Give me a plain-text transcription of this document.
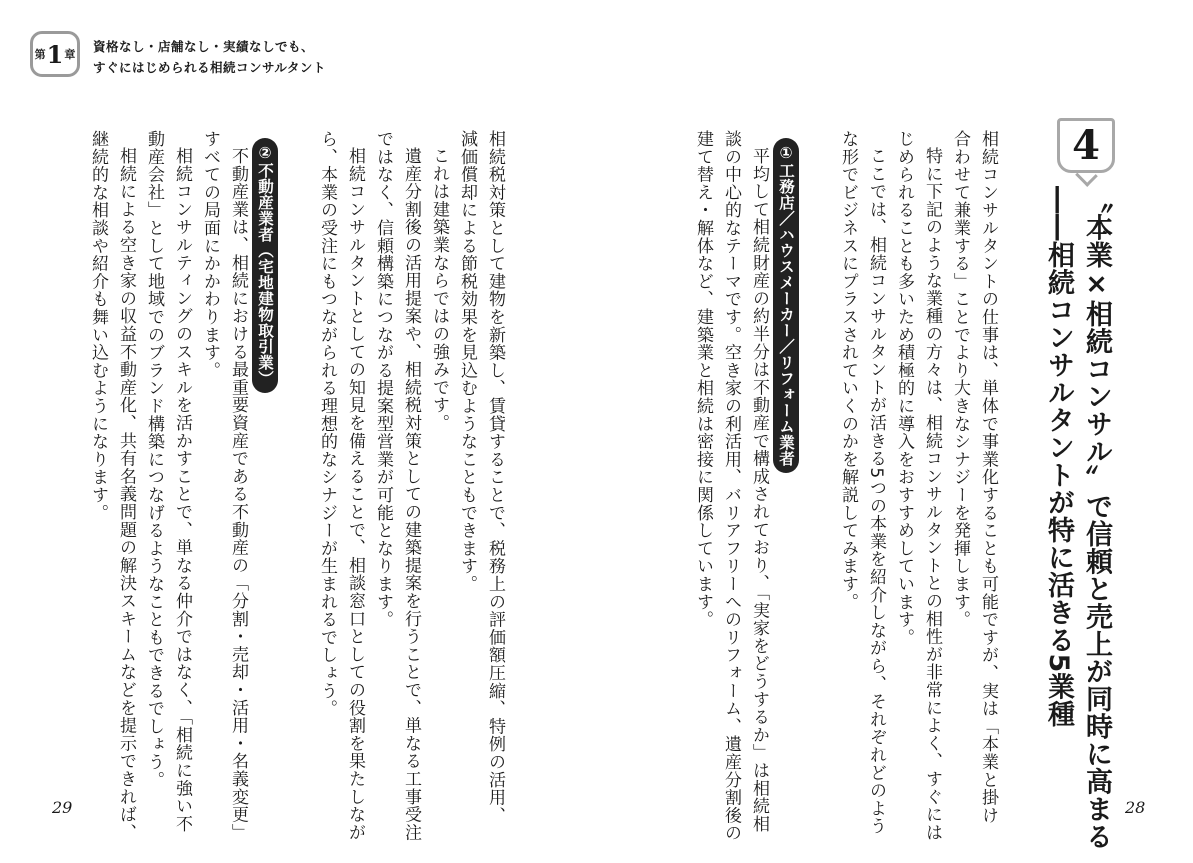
第 1 章
資格なし・店舗なし・実績なしでも、
すぐにはじめられる相続コンサルタント
4
〝本業×相続コンサル〟で信頼と売上が同時に高まる
――相続コンサルタントが特に活きる5業種
相続コンサルタントの仕事は、単体で事業化することも可能ですが、実は「本業と掛け
合わせて兼業する」ことでより大きなシナジーを発揮します。
特に下記のような業種の方々は、相続コンサルタントとの相性が非常によく、すぐには
じめられることも多いため積極的に導入をおすすめしています。
ここでは、相続コンサルタントが活きる5つの本業を紹介しながら、それぞれどのよう
な形でビジネスにプラスされていくのかを解説してみます。
①工務店／ハウスメーカー／リフォーム業者
平均して相続財産の約半分は不動産で構成されており、「実家をどうするか」は相続相
談の中心的なテーマです。空き家の利活用、バリアフリーへのリフォーム、遺産分割後の
建て替え・解体など、建築業と相続は密接に関係しています。
相続税対策として建物を新築し、賃貸することで、税務上の評価額圧縮、特例の活用、
減価償却による節税効果を見込むようなこともできます。
これは建築業ならではの強みです。
遺産分割後の活用提案や、相続税対策としての建築提案を行うことで、単なる工事受注
ではなく、信頼構築につながる提案型営業が可能となります。
相続コンサルタントとしての知見を備えることで、相談窓口としての役割を果たしなが
ら、本業の受注にもつながられる理想的なシナジーが生まれるでしょう。
②不動産業者（宅地建物取引業）
不動産業は、相続における最重要資産である不動産の「分割・売却・活用・名義変更」
すべての局面にかかわります。
相続コンサルティングのスキルを活かすことで、単なる仲介ではなく、「相続に強い不
動産会社」として地域でのブランド構築につなげるようなこともできるでしょう。
相続による空き家の収益不動産化、共有名義問題の解決スキームなどを提示できれば、
継続的な相談や紹介も舞い込むようになります。
29	28
